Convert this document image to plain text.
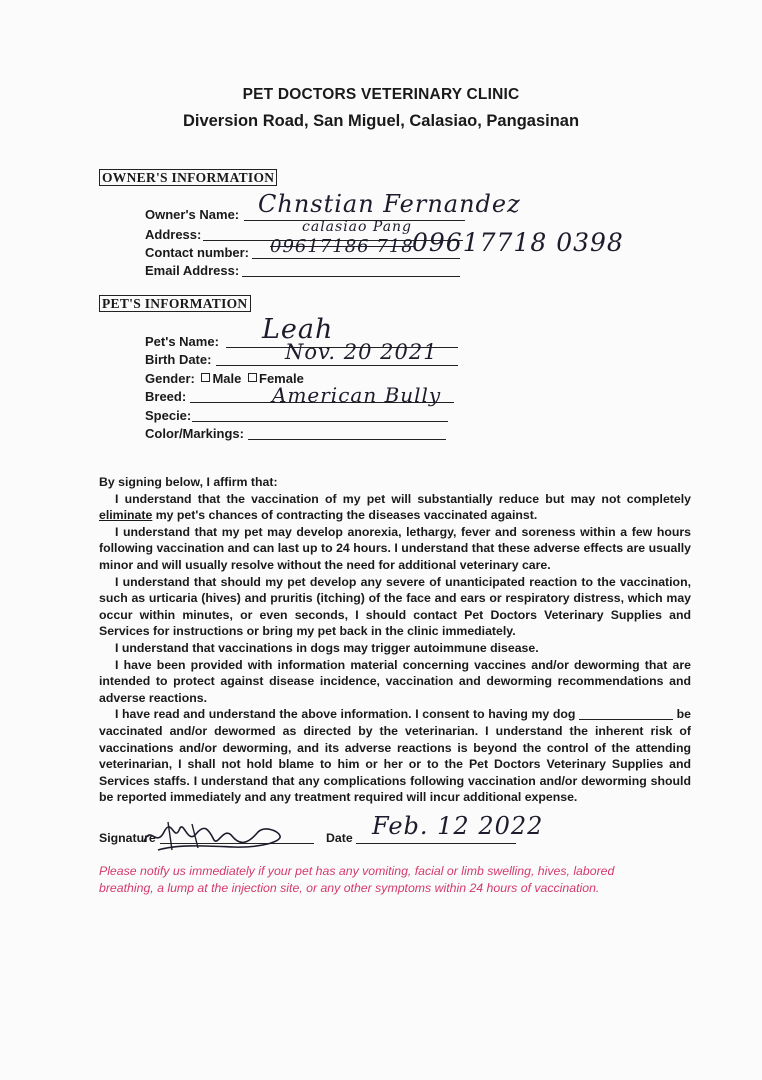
PET DOCTORS VETERINARY CLINIC
Diversion Road, San Miguel, Calasiao, Pangasinan
OWNER'S INFORMATION
Owner's Name: Chnstian Fernandez
Address:	calasiao Pang
Contact number: 09617186 718
09617718 0398
Email Address:
PET'S INFORMATION
Pet's Name: Leah
Birth Date:	Nov. 20 2021
Gender: Male Female
Breed:	American Bully
Specie:
Color/Markings:

By signing below, I affirm that:

I understand that the vaccination of my pet will substantially reduce but may not completely eliminate my pet's chances of contracting the diseases vaccinated against.

I understand that my pet may develop anorexia, lethargy, fever and soreness within a few hours following vaccination and can last up to 24 hours. I understand that these adverse effects are usually minor and will usually resolve without the need for additional veterinary care.

I understand that should my pet develop any severe of unanticipated reaction to the vaccination, such as urticaria (hives) and pruritis (itching) of the face and ears or respiratory distress, which may occur within minutes, or even seconds, I should contact Pet Doctors Veterinary Supplies and Services for instructions or bring my pet back in the clinic immediately.

I understand that vaccinations in dogs may trigger autoimmune disease.

I have been provided with information material concerning vaccines and/or deworming that are intended to protect against disease incidence, vaccination and deworming recommendations and adverse reactions.

I have read and understand the above information. I consent to having my dog	be vaccinated and/or dewormed as directed by the veterinarian. I understand the inherent risk of vaccinations and/or deworming, and its adverse reactions is beyond the control of the attending veterinarian, I shall not hold blame to him or her or to the Pet Doctors Veterinary Supplies and Services staffs. I understand that any complications following vaccination and/or deworming should be reported immediately and any treatment required will incur additional expense.

Signature	Date Feb. 12 2022
Please notify us immediately if your pet has any vomiting, facial or limb swelling, hives, labored breathing, a lump at the injection site, or any other symptoms within 24 hours of vaccination.
